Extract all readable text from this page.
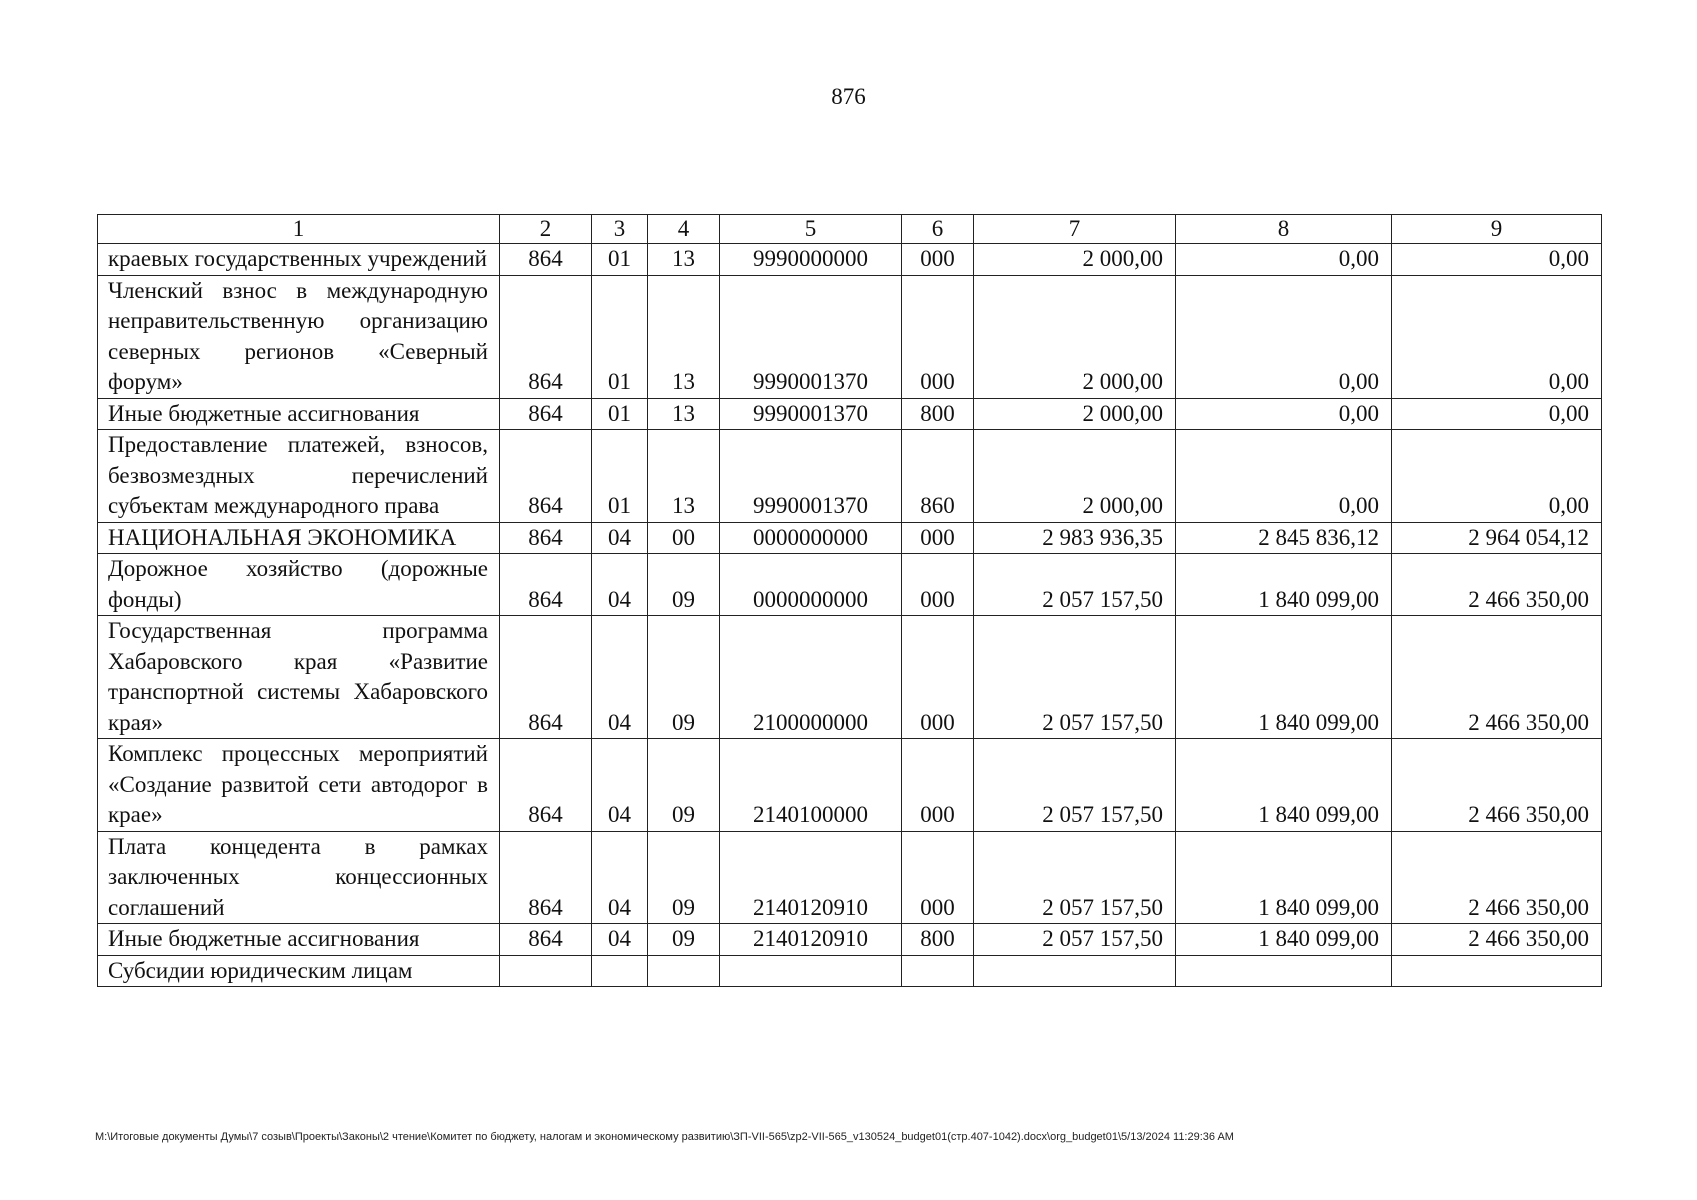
876
1	2	3	4	5	6	7	8	9
краевых государственных учреждений	864	01	13	9990000000	000	2 000,00	0,00	0,00
Членский взнос в международную неправительственную организацию северных регионов «Северный форум»	864	01	13	9990001370	000	2 000,00	0,00	0,00
Иные бюджетные ассигнования	864	01	13	9990001370	800	2 000,00	0,00	0,00
Предоставление платежей, взносов, безвозмездных перечислений субъектам международного права	864	01	13	9990001370	860	2 000,00	0,00	0,00
НАЦИОНАЛЬНАЯ ЭКОНОМИКА	864	04	00	0000000000	000	2 983 936,35	2 845 836,12	2 964 054,12
Дорожное хозяйство (дорожные фонды)	864	04	09	0000000000	000	2 057 157,50	1 840 099,00	2 466 350,00
Государственная программа Хабаровского края «Развитие транспортной системы Хабаровского края»	864	04	09	2100000000	000	2 057 157,50	1 840 099,00	2 466 350,00
Комплекс процессных мероприятий «Создание развитой сети автодорог в крае»	864	04	09	2140100000	000	2 057 157,50	1 840 099,00	2 466 350,00
Плата концедента в рамках заключенных концессионных соглашений	864	04	09	2140120910	000	2 057 157,50	1 840 099,00	2 466 350,00
Иные бюджетные ассигнования	864	04	09	2140120910	800	2 057 157,50	1 840 099,00	2 466 350,00
Субсидии юридическим лицам								
M:\Итоговые документы Думы\7 созыв\Проекты\Законы\2 чтение\Комитет по бюджету, налогам и экономическому развитию\ЗП-VII-565\zp2-VII-565_v130524_budget01(стр.407-1042).docx\org_budget01\5/13/2024 11:29:36 AM
